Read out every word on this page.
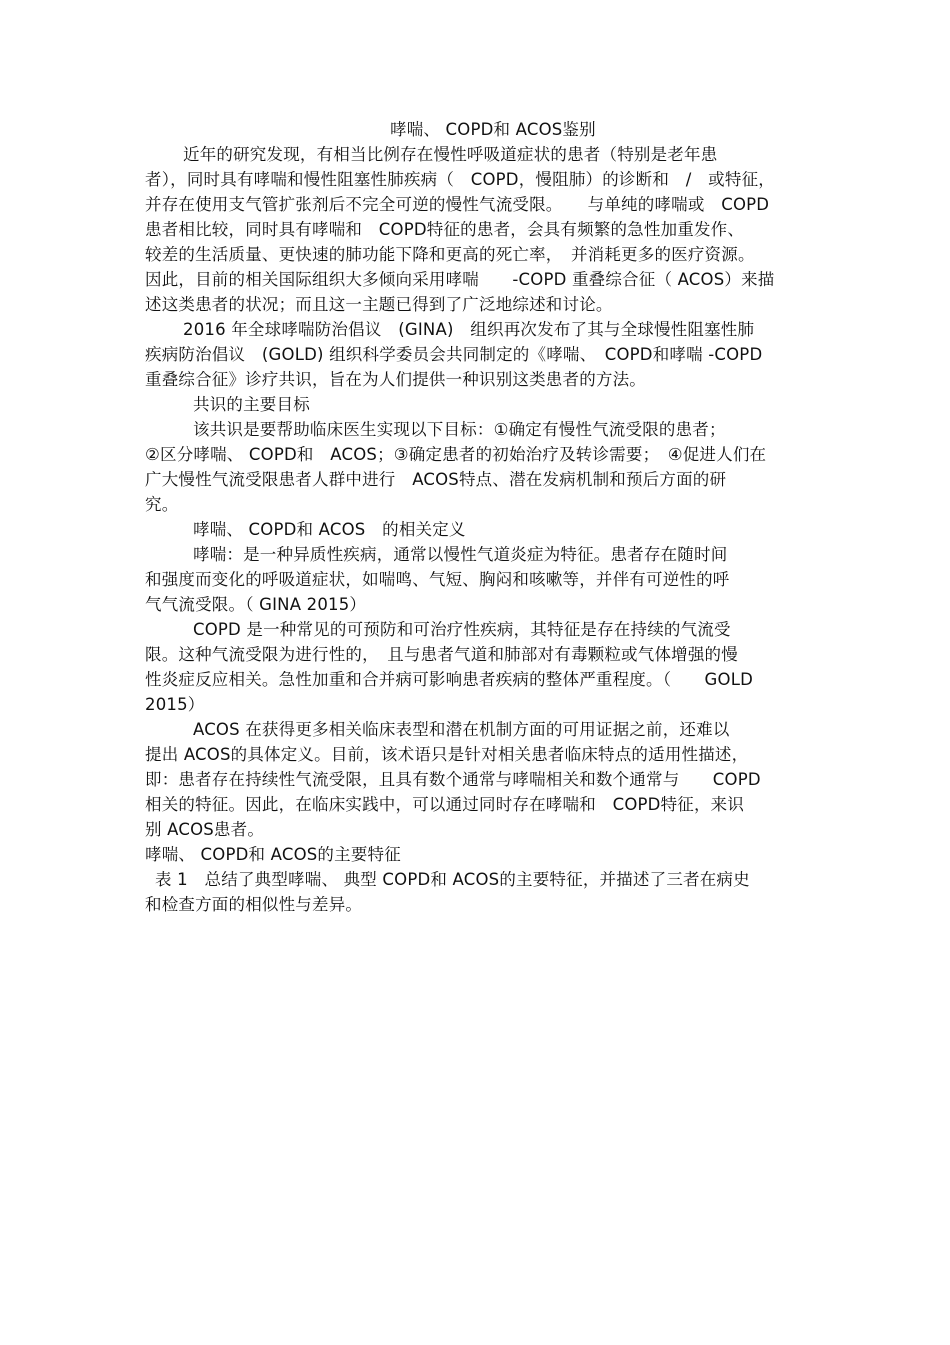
哮喘、 COPD和 ACOS鉴别
近年的研究发现，有相当比例存在慢性呼吸道症状的患者（特别是老年患
者），同时具有哮喘和慢性阻塞性肺疾病（　COPD，慢阻肺）的诊断和　/　或特征，
并存在使用支气管扩张剂后不完全可逆的慢性气流受限。　　与单纯的哮喘或　COPD
患者相比较，同时具有哮喘和　COPD特征的患者，会具有频繁的急性加重发作、
较差的生活质量、更快速的肺功能下降和更高的死亡率，　并消耗更多的医疗资源。
因此，目前的相关国际组织大多倾向采用哮喘　　-COPD 重叠综合征（ ACOS）来描
述这类患者的状况；而且这一主题已得到了广泛地综述和讨论。
2016 年全球哮喘防治倡议　(GINA)　组织再次发布了其与全球慢性阻塞性肺
疾病防治倡议　(GOLD) 组织科学委员会共同制定的《哮喘、　COPD和哮喘 -COPD
重叠综合征》诊疗共识，旨在为人们提供一种识别这类患者的方法。
共识的主要目标
该共识是要帮助临床医生实现以下目标：①确定有慢性气流受限的患者；
②区分哮喘、 COPD和　ACOS；③确定患者的初始治疗及转诊需要；　④促进人们在
广大慢性气流受限患者人群中进行　ACOS特点、潜在发病机制和预后方面的研
究。
哮喘、 COPD和 ACOS　的相关定义
哮喘：是一种异质性疾病，通常以慢性气道炎症为特征。患者存在随时间
和强度而变化的呼吸道症状，如喘鸣、气短、胸闷和咳嗽等，并伴有可逆性的呼
气气流受限。（ GINA 2015）
COPD 是一种常见的可预防和可治疗性疾病，其特征是存在持续的气流受
限。这种气流受限为进行性的，　且与患者气道和肺部对有毒颗粒或气体增强的慢
性炎症反应相关。急性加重和合并病可影响患者疾病的整体严重程度。（　　GOLD
2015）
ACOS 在获得更多相关临床表型和潜在机制方面的可用证据之前，还难以
提出 ACOS的具体定义。目前，该术语只是针对相关患者临床特点的适用性描述，
即：患者存在持续性气流受限，且具有数个通常与哮喘相关和数个通常与　　COPD
相关的特征。因此，在临床实践中，可以通过同时存在哮喘和　COPD特征，来识
别 ACOS患者。
哮喘、 COPD和 ACOS的主要特征
表 1　总结了典型哮喘、 典型 COPD和 ACOS的主要特征，并描述了三者在病史
和检查方面的相似性与差异。
